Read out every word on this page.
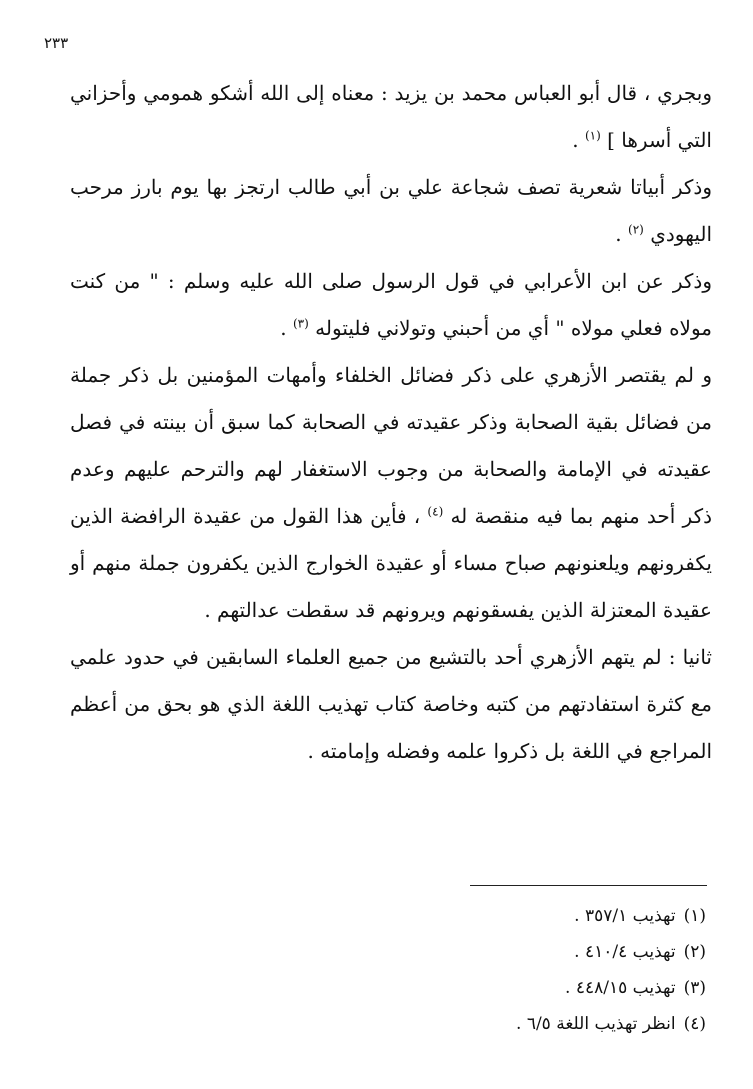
٢٣٣

وبجري ، قال أبو العباس محمد بن يزيد : معناه إلى الله أشكو همومي وأحزاني التي أسرها ] $^{(١)}$ .

وذكر أبياتا شعرية تصف شجاعة علي بن أبي طالب ارتجز بها يوم بارز مرحب اليهودي $^{(٢)}$ .

وذكر عن ابن الأعرابي في قول الرسول صلى الله عليه وسلم : " من كنت مولاه فعلي مولاه " أي من أحبني وتولاني فليتوله $^{(٣)}$ .

و لم يقتصر الأزهري على ذكر فضائل الخلفاء وأمهات المؤمنين بل ذكر جملة من فضائل بقية الصحابة وذكر عقيدته في الصحابة كما سبق أن بينته في فصل عقيدته في الإمامة والصحابة من وجوب الاستغفار لهم والترحم عليهم وعدم ذكر أحد منهم بما فيه منقصة له $^{(٤)}$ ، فأين هذا القول من عقيدة الرافضة الذين يكفرونهم ويلعنونهم صباح مساء أو عقيدة الخوارج الذين يكفرون جملة منهم أو عقيدة المعتزلة الذين يفسقونهم ويرونهم قد سقطت عدالتهم .

ثانيا : لم يتهم الأزهري أحد بالتشيع من جميع العلماء السابقين في حدود علمي مع كثرة استفادتهم من كتبه وخاصة كتاب تهذيب اللغة الذي هو بحق من أعظم المراجع في اللغة بل ذكروا علمه وفضله وإمامته .

(١)تهذيب ٣٥٧/١ .
(٢)تهذيب ٤١٠/٤ .
(٣)تهذيب ٤٤٨/١٥ .
(٤)انظر تهذيب اللغة ٦/٥ .
